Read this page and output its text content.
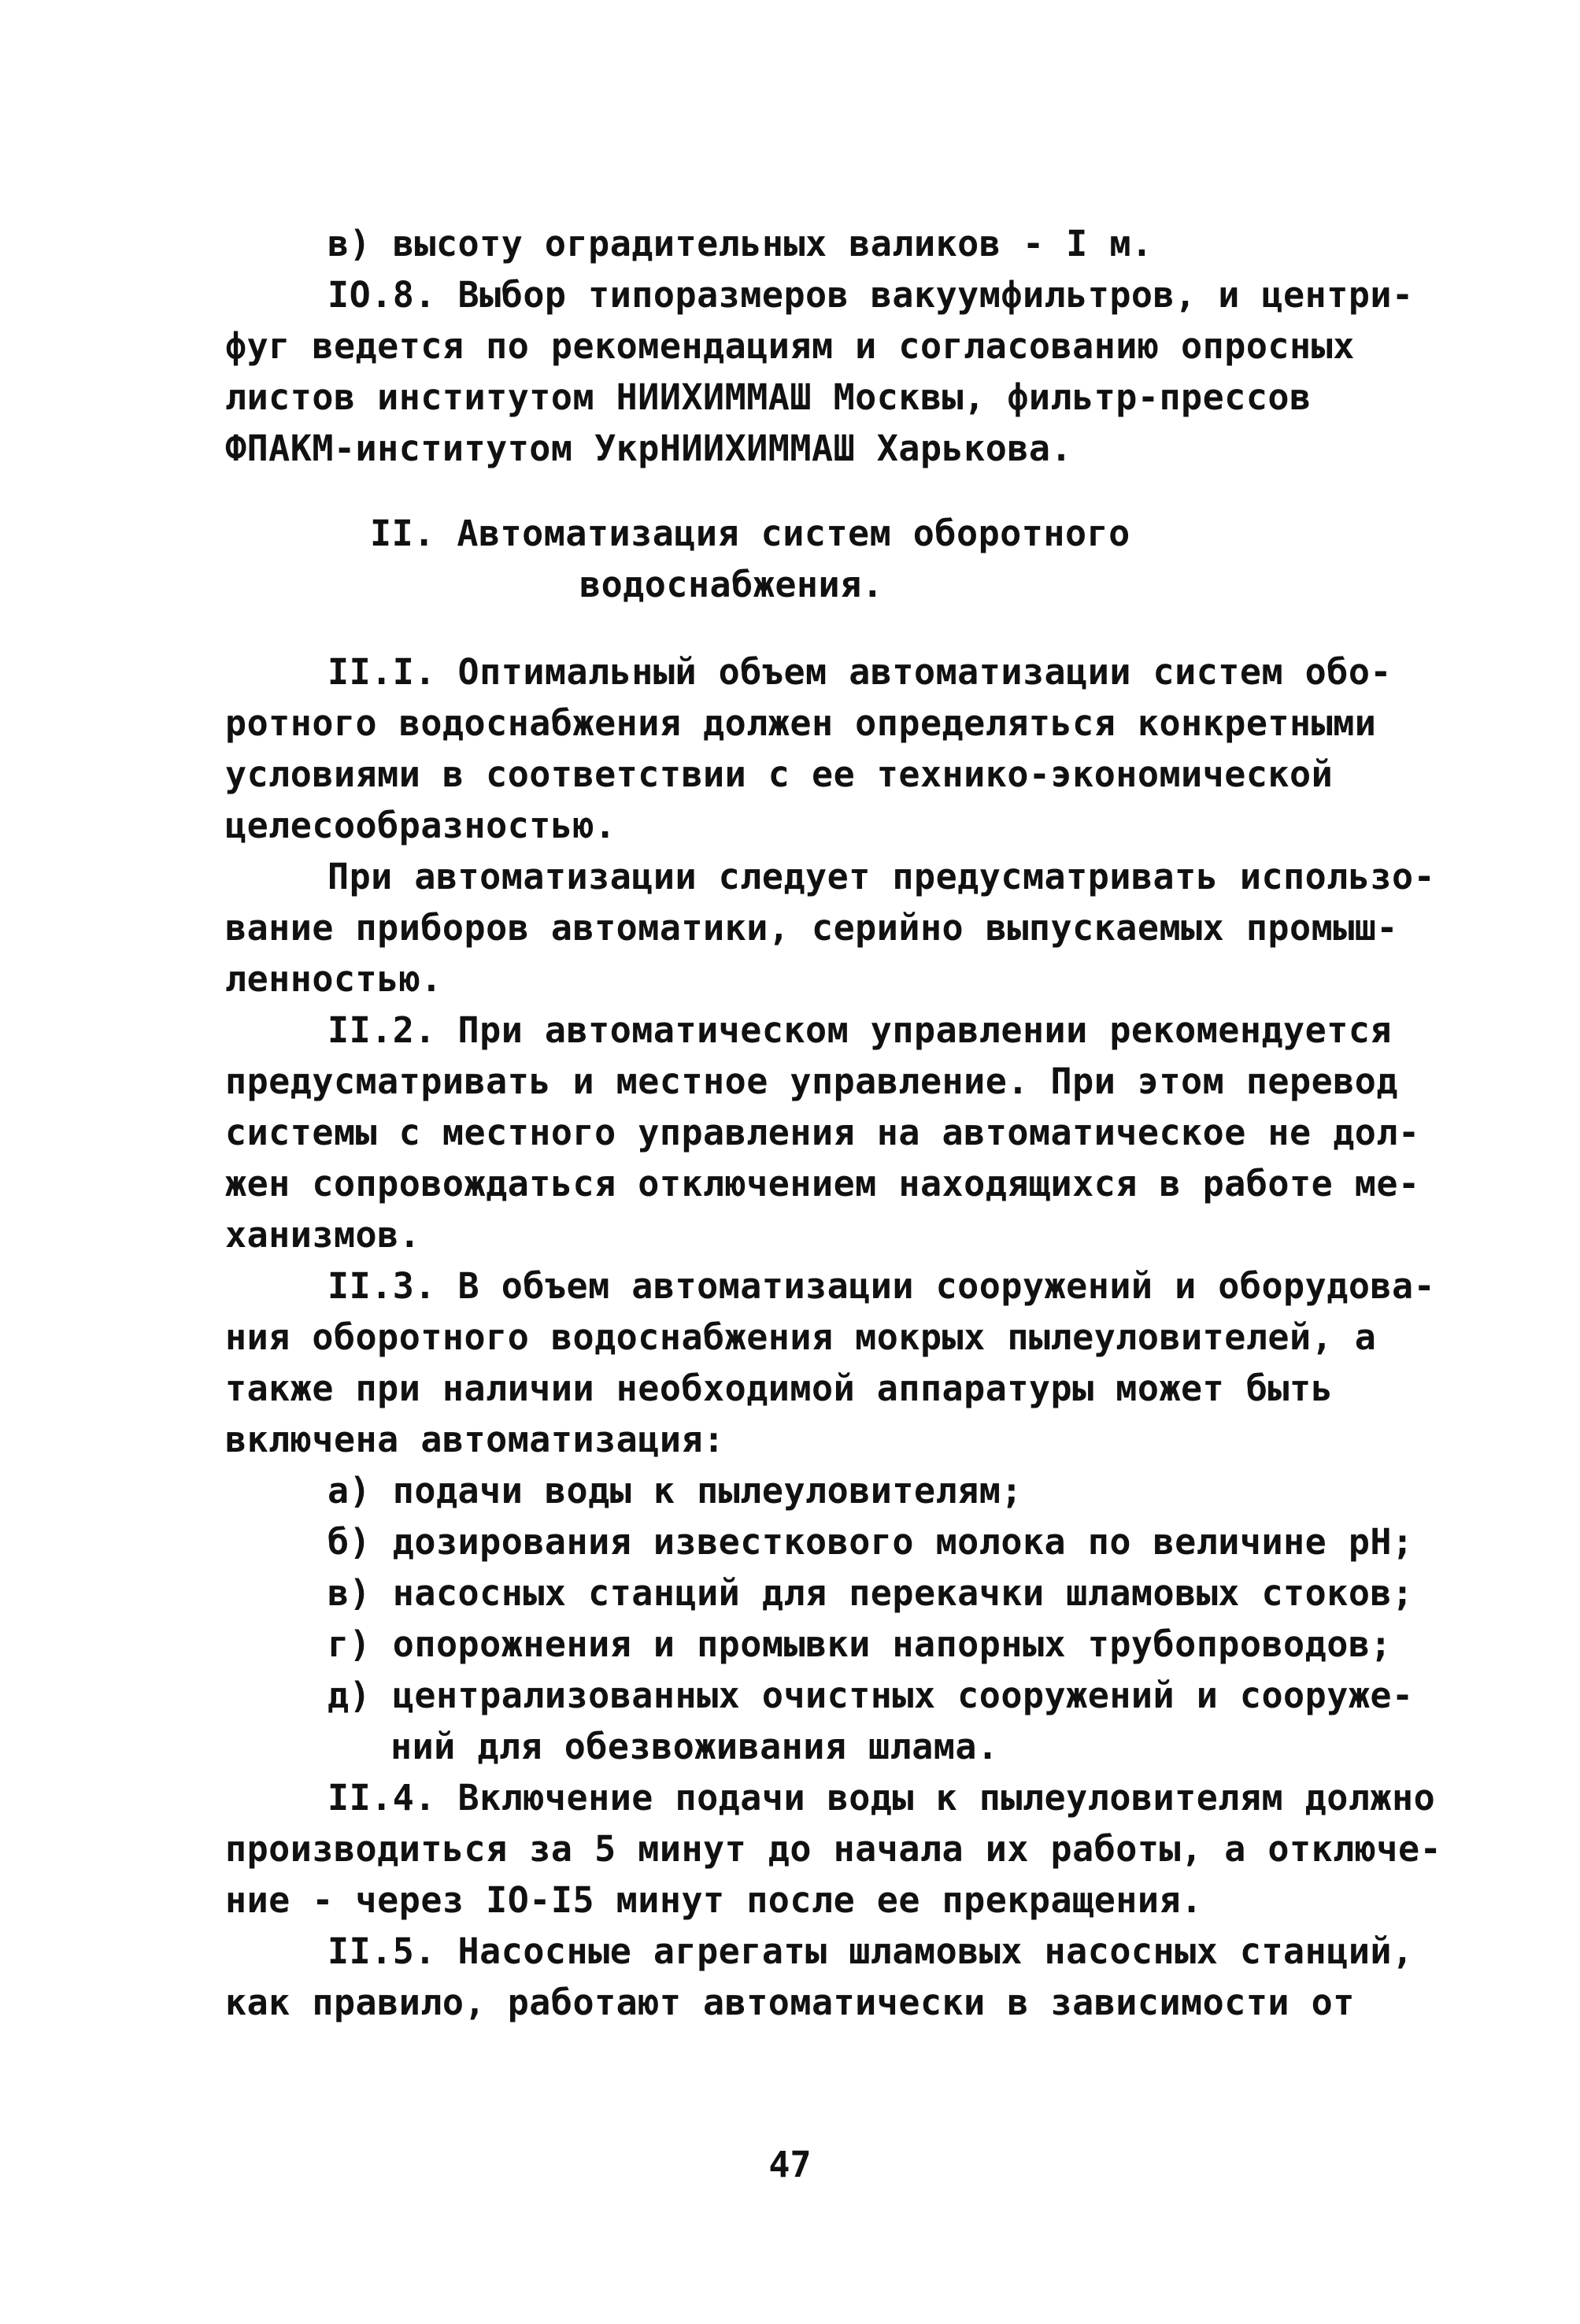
в) высоту оградительных валиков - I м.
IO.8. Выбор типоразмеров вакуумфильтров, и центри-
фуг ведется по рекомендациям и согласованию опросных
листов институтом НИИХИММАШ Москвы, фильтр-прессов
ФПАКМ-институтом УкрНИИХИММАШ Харькова.
II. Автоматизация систем оборотного
водоснабжения.
II.I. Оптимальный объем автоматизации систем обо-
ротного водоснабжения должен определяться конкретными
условиями в соответствии с ее технико-экономической
целесообразностью.
При автоматизации следует предусматривать использо-
вание приборов автоматики, серийно выпускаемых промыш-
ленностью.
II.2. При автоматическом управлении рекомендуется
предусматривать и местное управление. При этом перевод
системы с местного управления на автоматическое не дол-
жен сопровождаться отключением находящихся в работе ме-
ханизмов.
II.3. В объем автоматизации сооружений и оборудова-
ния оборотного водоснабжения мокрых пылеуловителей, а
также при наличии необходимой аппаратуры может быть
включена автоматизация:
а) подачи воды к пылеуловителям;
б) дозирования известкового молока по величине рН;
в) насосных станций для перекачки шламовых стоков;
г) опорожнения и промывки напорных трубопроводов;
д) централизованных очистных сооружений и сооруже-
ний для обезвоживания шлама.
II.4. Включение подачи воды к пылеуловителям должно
производиться за 5 минут до начала их работы, а отключе-
ние - через IO-I5 минут после ее прекращения.
II.5. Насосные агрегаты шламовых насосных станций,
как правило, работают автоматически в зависимости от
47
